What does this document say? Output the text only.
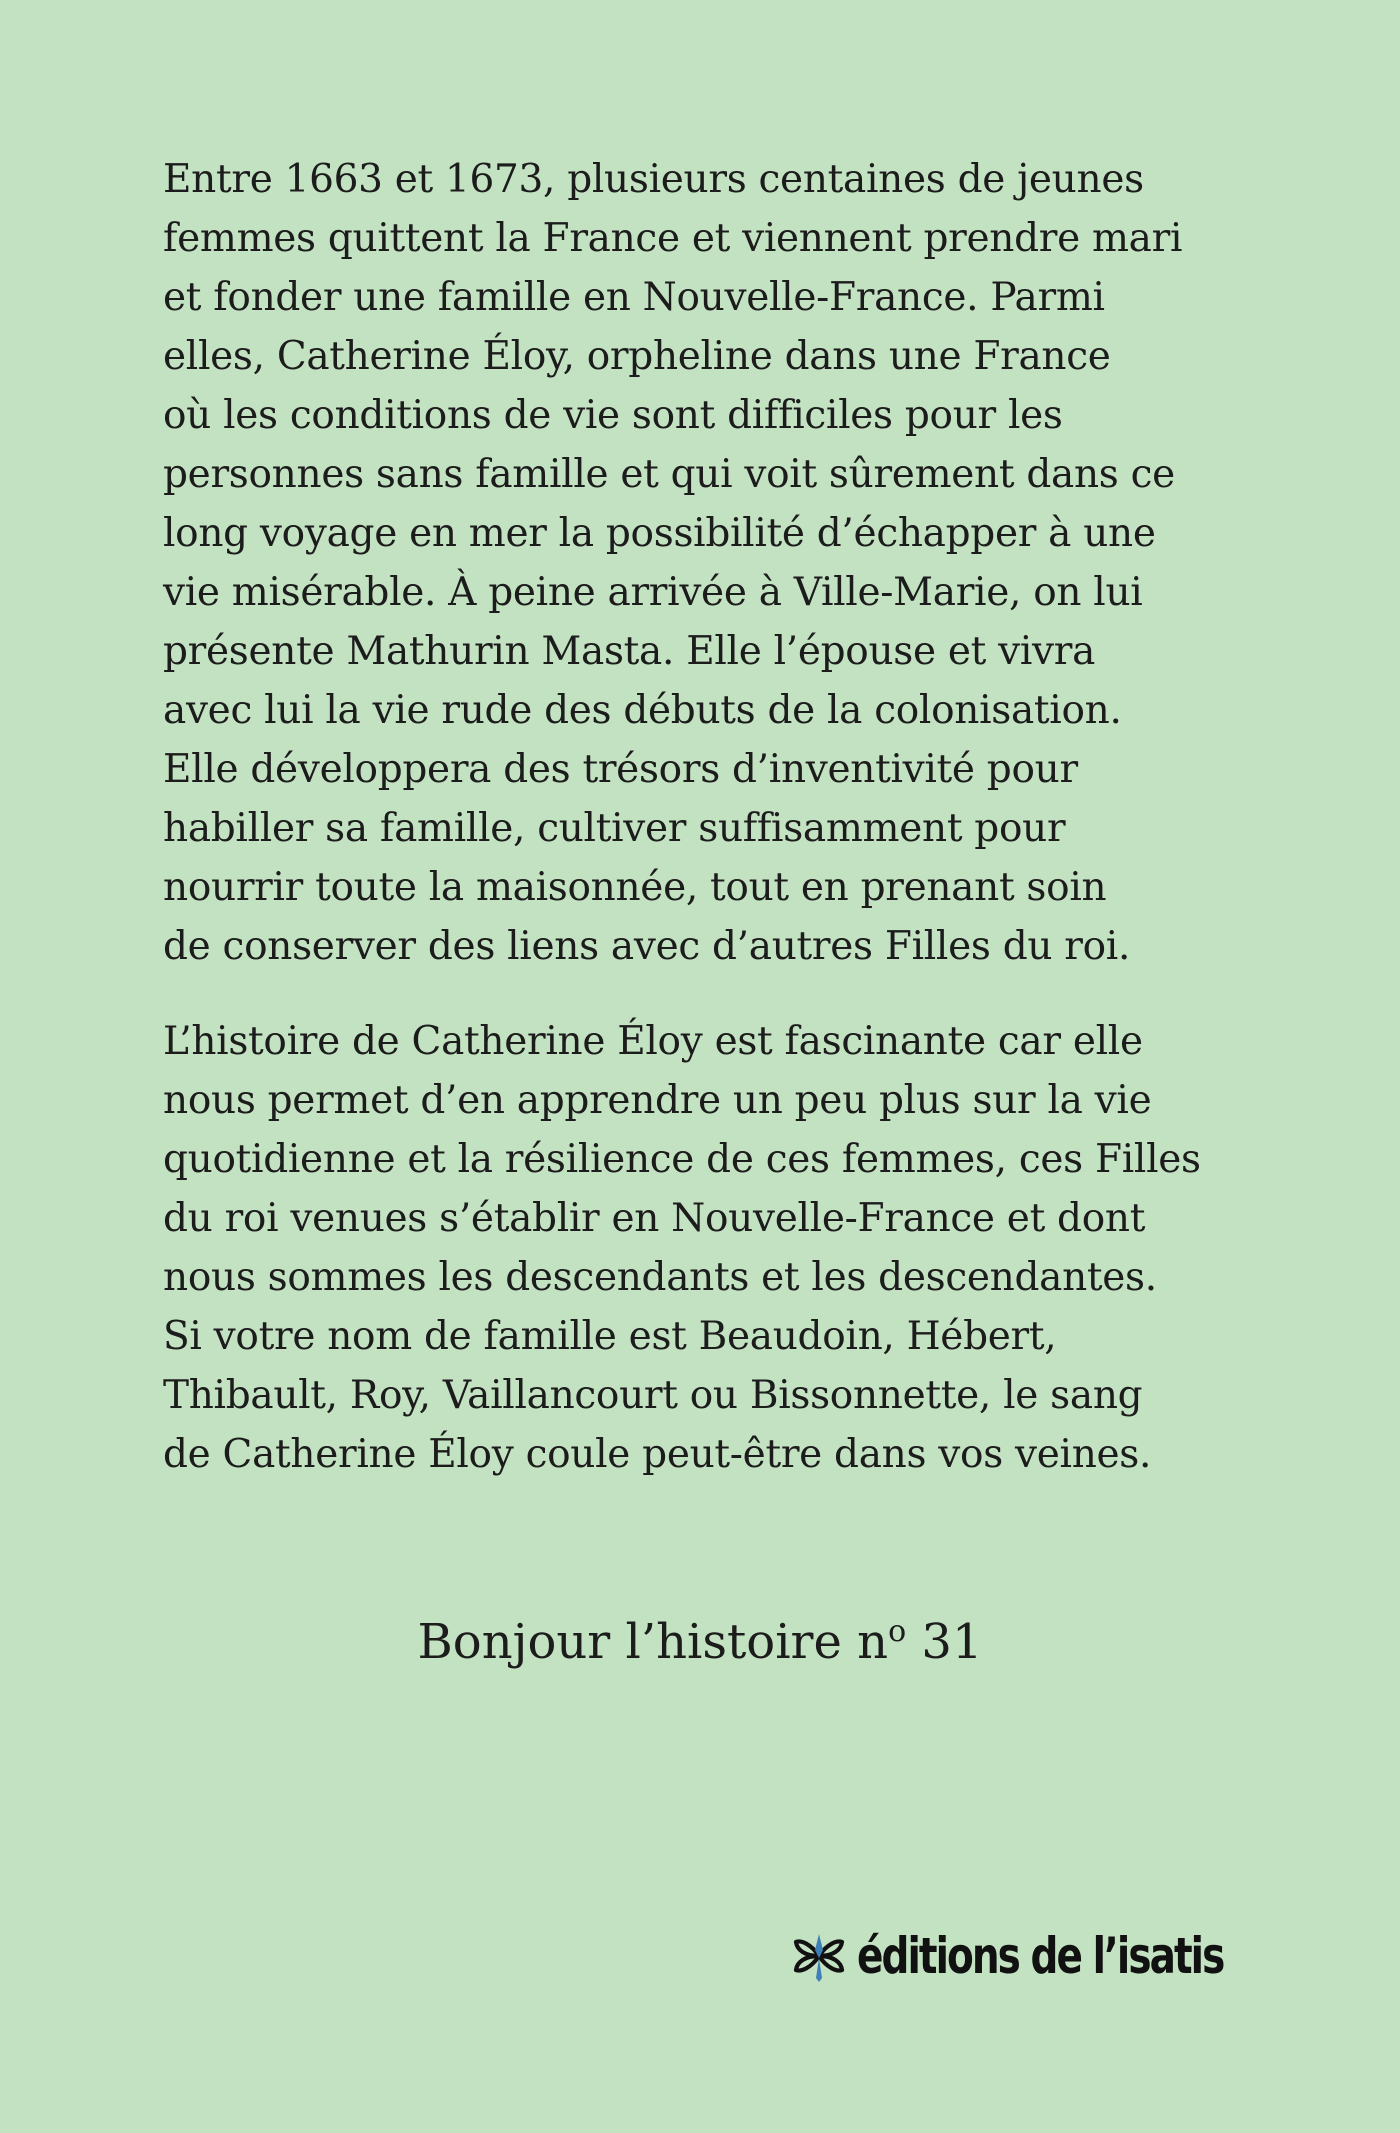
Entre 1663 et 1673, plusieurs centaines de jeunes
femmes quittent la France et viennent prendre mari
et fonder une famille en Nouvelle-France. Parmi
elles, Catherine Éloy, orpheline dans une France
où les conditions de vie sont difficiles pour les
personnes sans famille et qui voit sûrement dans ce
long voyage en mer la possibilité d’échapper à une
vie misérable. À peine arrivée à Ville-Marie, on lui
présente Mathurin Masta. Elle l’épouse et vivra
avec lui la vie rude des débuts de la colonisation.
Elle développera des trésors d’inventivité pour
habiller sa famille, cultiver suffisamment pour
nourrir toute la maisonnée, tout en prenant soin
de conserver des liens avec d’autres Filles du roi.

L’histoire de Catherine Éloy est fascinante car elle
nous permet d’en apprendre un peu plus sur la vie
quotidienne et la résilience de ces femmes, ces Filles
du roi venues s’établir en Nouvelle-France et dont
nous sommes les descendants et les descendantes.
Si votre nom de famille est Beaudoin, Hébert,
Thibault, Roy, Vaillancourt ou Bissonnette, le sang
de Catherine Éloy coule peut-être dans vos veines.

Bonjour l’histoire $n^o$ 31
éditions de l’isatis
